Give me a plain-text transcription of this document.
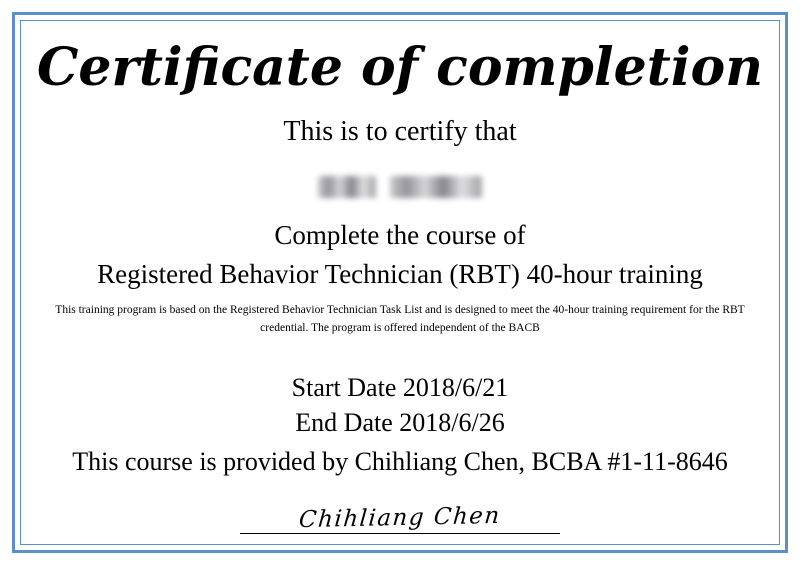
Certificate of completion
This is to certify that
Complete the course of
Registered Behavior Technician (RBT) 40-hour training
This training program is based on the Registered Behavior Technician Task List and is designed to meet the 40-hour training requirement for the RBT credential. The program is offered independent of the BACB
Start Date 2018/6/21
End Date 2018/6/26
This course is provided by Chihliang Chen, BCBA #1-11-8646
Chihliang Chen
